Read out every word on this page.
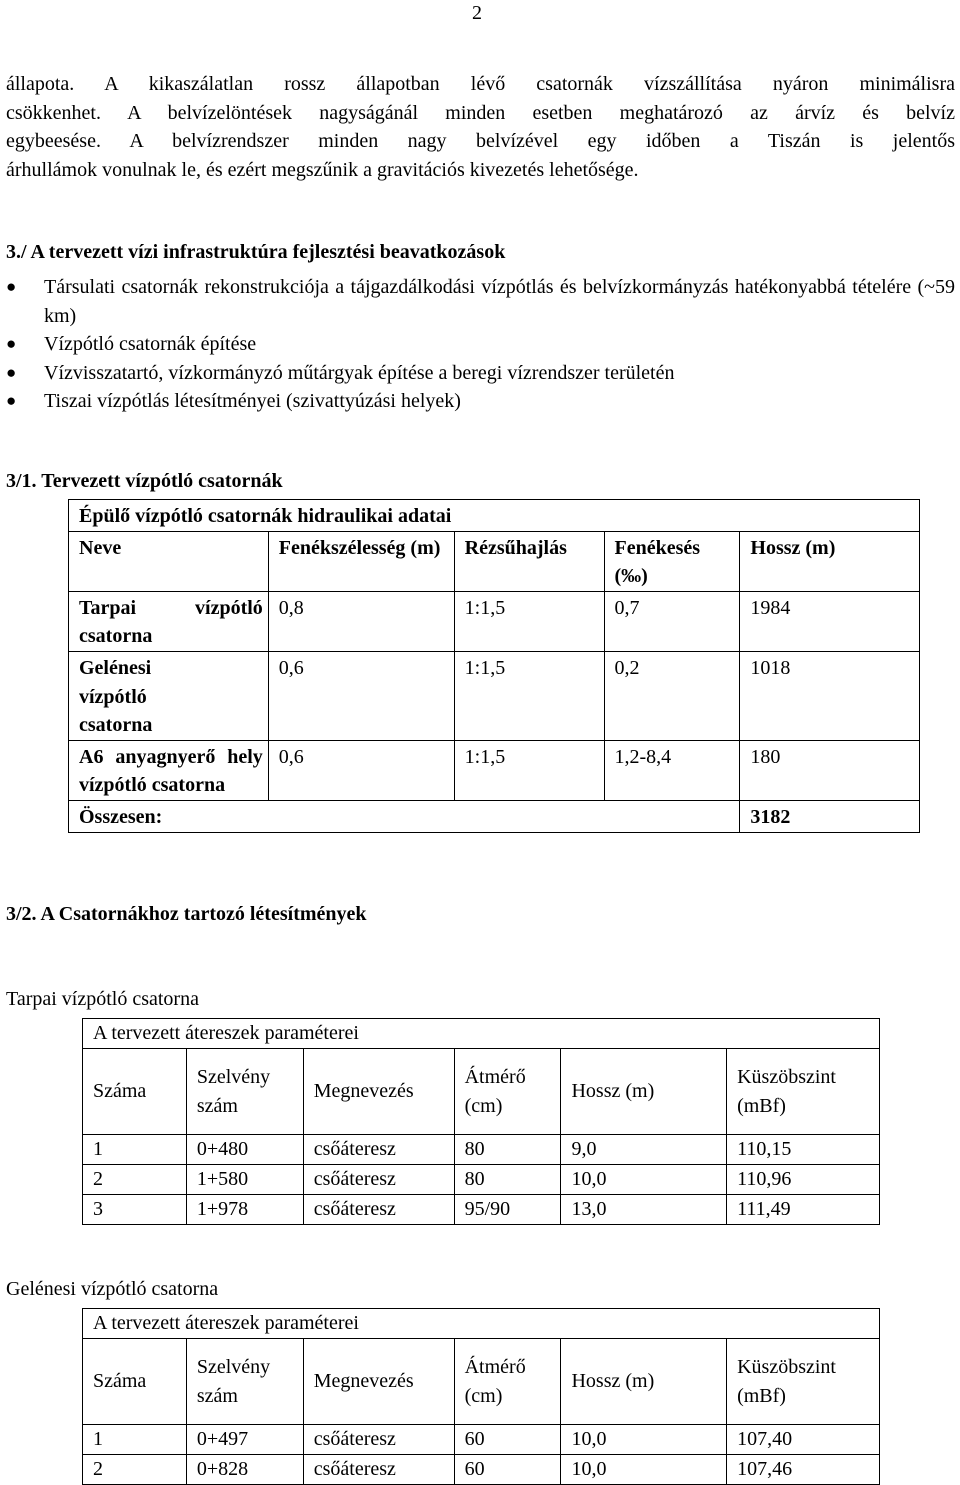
2
állapota. A kikaszálatlan rossz állapotban lévő csatornák vízszállítása nyáron minimálisra
csökkenhet. A belvízelöntések nagyságánál minden esetben meghatározó az árvíz és belvíz
egybeesése. A belvízrendszer minden nagy belvízével egy időben a Tiszán is jelentős
árhullámok vonulnak le, és ezért megszűnik a gravitációs kivezetés lehetősége.
3./ A tervezett vízi infrastruktúra fejlesztési beavatkozások
● Társulati csatornák rekonstrukciója a tájgazdálkodási vízpótlás és belvízkormányzás hatékonyabbá tételére (~59 km)
● Vízpótló csatornák építése
● Vízvisszatartó, vízkormányzó műtárgyak építése a beregi vízrendszer területén
● Tiszai vízpótlás létesítményei (szivattyúzási helyek)
3/1. Tervezett vízpótló csatornák
Épülő vízpótló csatornák hidraulikai adatai				
Neve	Fenékszélesség (m)	Rézsűhajlás	Fenékesés (‰)	Hossz (m)
Tarpai vízpótló csatorna	0,8	1:1,5	0,7	1984
Gelénesi vízpótló csatorna	0,6	1:1,5	0,2	1018
A6 anyagnyerő hely vízpótló csatorna	0,6	1:1,5	1,2-8,4	180
Összesen:				3182
3/2. A Csatornákhoz tartozó létesítmények
Tarpai vízpótló csatorna
A tervezett átereszek paraméterei					
Száma	Szelvény szám	Megnevezés	Átmérő (cm)	Hossz (m)	Küszöbszint (mBf)
1	0+480	csőáteresz	80	9,0	110,15
2	1+580	csőáteresz	80	10,0	110,96
3	1+978	csőáteresz	95/90	13,0	111,49
Gelénesi vízpótló csatorna
A tervezett átereszek paraméterei					
Száma	Szelvény szám	Megnevezés	Átmérő (cm)	Hossz (m)	Küszöbszint (mBf)
1	0+497	csőáteresz	60	10,0	107,40
2	0+828	csőáteresz	60	10,0	107,46
